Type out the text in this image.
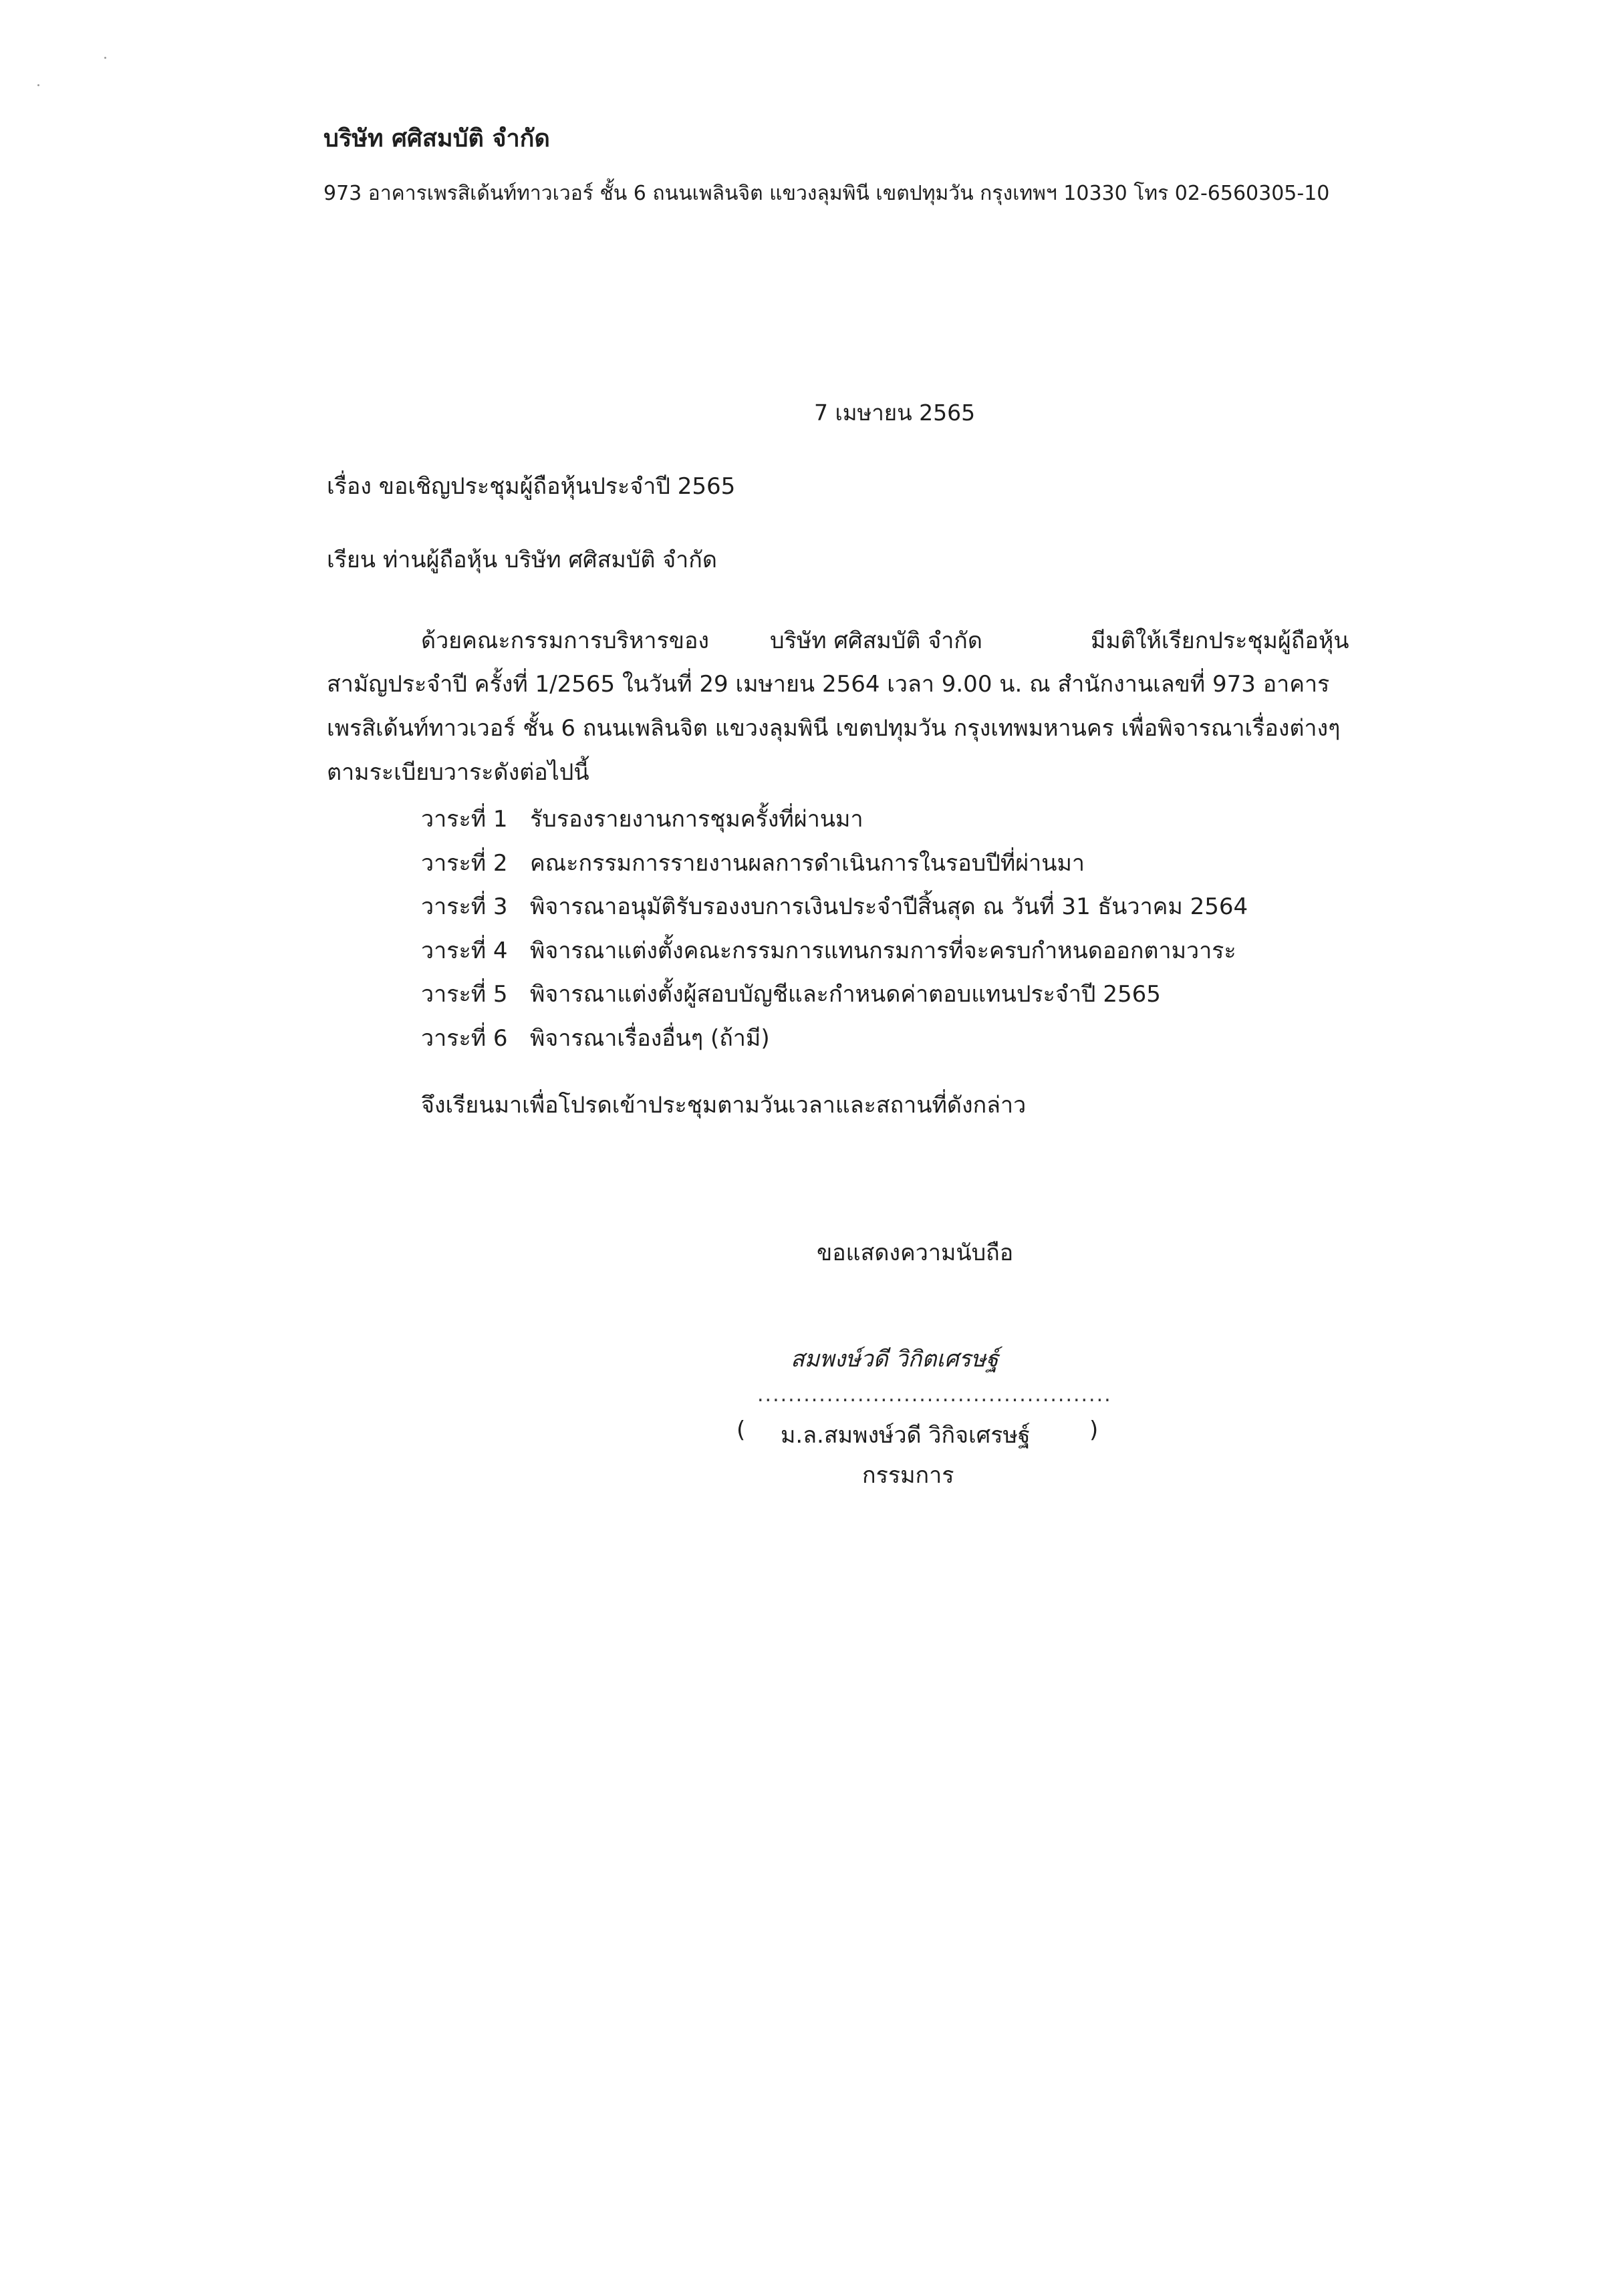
บริษัท ศศิสมบัติ จำกัด
973 อาคารเพรสิเด้นท์ทาวเวอร์ ชั้น 6 ถนนเพลินจิต แขวงลุมพินี เขตปทุมวัน กรุงเทพฯ 10330 โทร 02-6560305-10
7 เมษายน 2565
เรื่อง ขอเชิญประชุมผู้ถือหุ้นประจำปี 2565
เรียน ท่านผู้ถือหุ้น บริษัท ศศิสมบัติ จำกัด
ด้วยคณะกรรมการบริหารของ	บริษัท ศศิสมบัติ จำกัด	มีมติให้เรียกประชุมผู้ถือหุ้น
สามัญประจำปี ครั้งที่ 1/2565 ในวันที่ 29 เมษายน 2564 เวลา 9.00 น. ณ สำนักงานเลขที่ 973 อาคาร
เพรสิเด้นท์ทาวเวอร์ ชั้น 6 ถนนเพลินจิต แขวงลุมพินี เขตปทุมวัน กรุงเทพมหานคร เพื่อพิจารณาเรื่องต่างๆ
ตามระเบียบวาระดังต่อไปนี้
วาระที่ 1 รับรองรายงานการชุมครั้งที่ผ่านมา
วาระที่ 2 คณะกรรมการรายงานผลการดำเนินการในรอบปีที่ผ่านมา
วาระที่ 3 พิจารณาอนุมัติรับรองงบการเงินประจำปีสิ้นสุด ณ วันที่ 31 ธันวาคม 2564
วาระที่ 4 พิจารณาแต่งตั้งคณะกรรมการแทนกรมการที่จะครบกำหนดออกตามวาระ
วาระที่ 5 พิจารณาแต่งตั้งผู้สอบบัญชีและกำหนดค่าตอบแทนประจำปี 2565
วาระที่ 6 พิจารณาเรื่องอื่นๆ (ถ้ามี)
จึงเรียนมาเพื่อโปรดเข้าประชุมตามวันเวลาและสถานที่ดังกล่าว
ขอแสดงความนับถือ
สมพงษ์วดี วิกิตเศรษฐ์
..............................................
( ม.ล.สมพงษ์วดี วิกิจเศรษฐ์	)
กรรมการ
